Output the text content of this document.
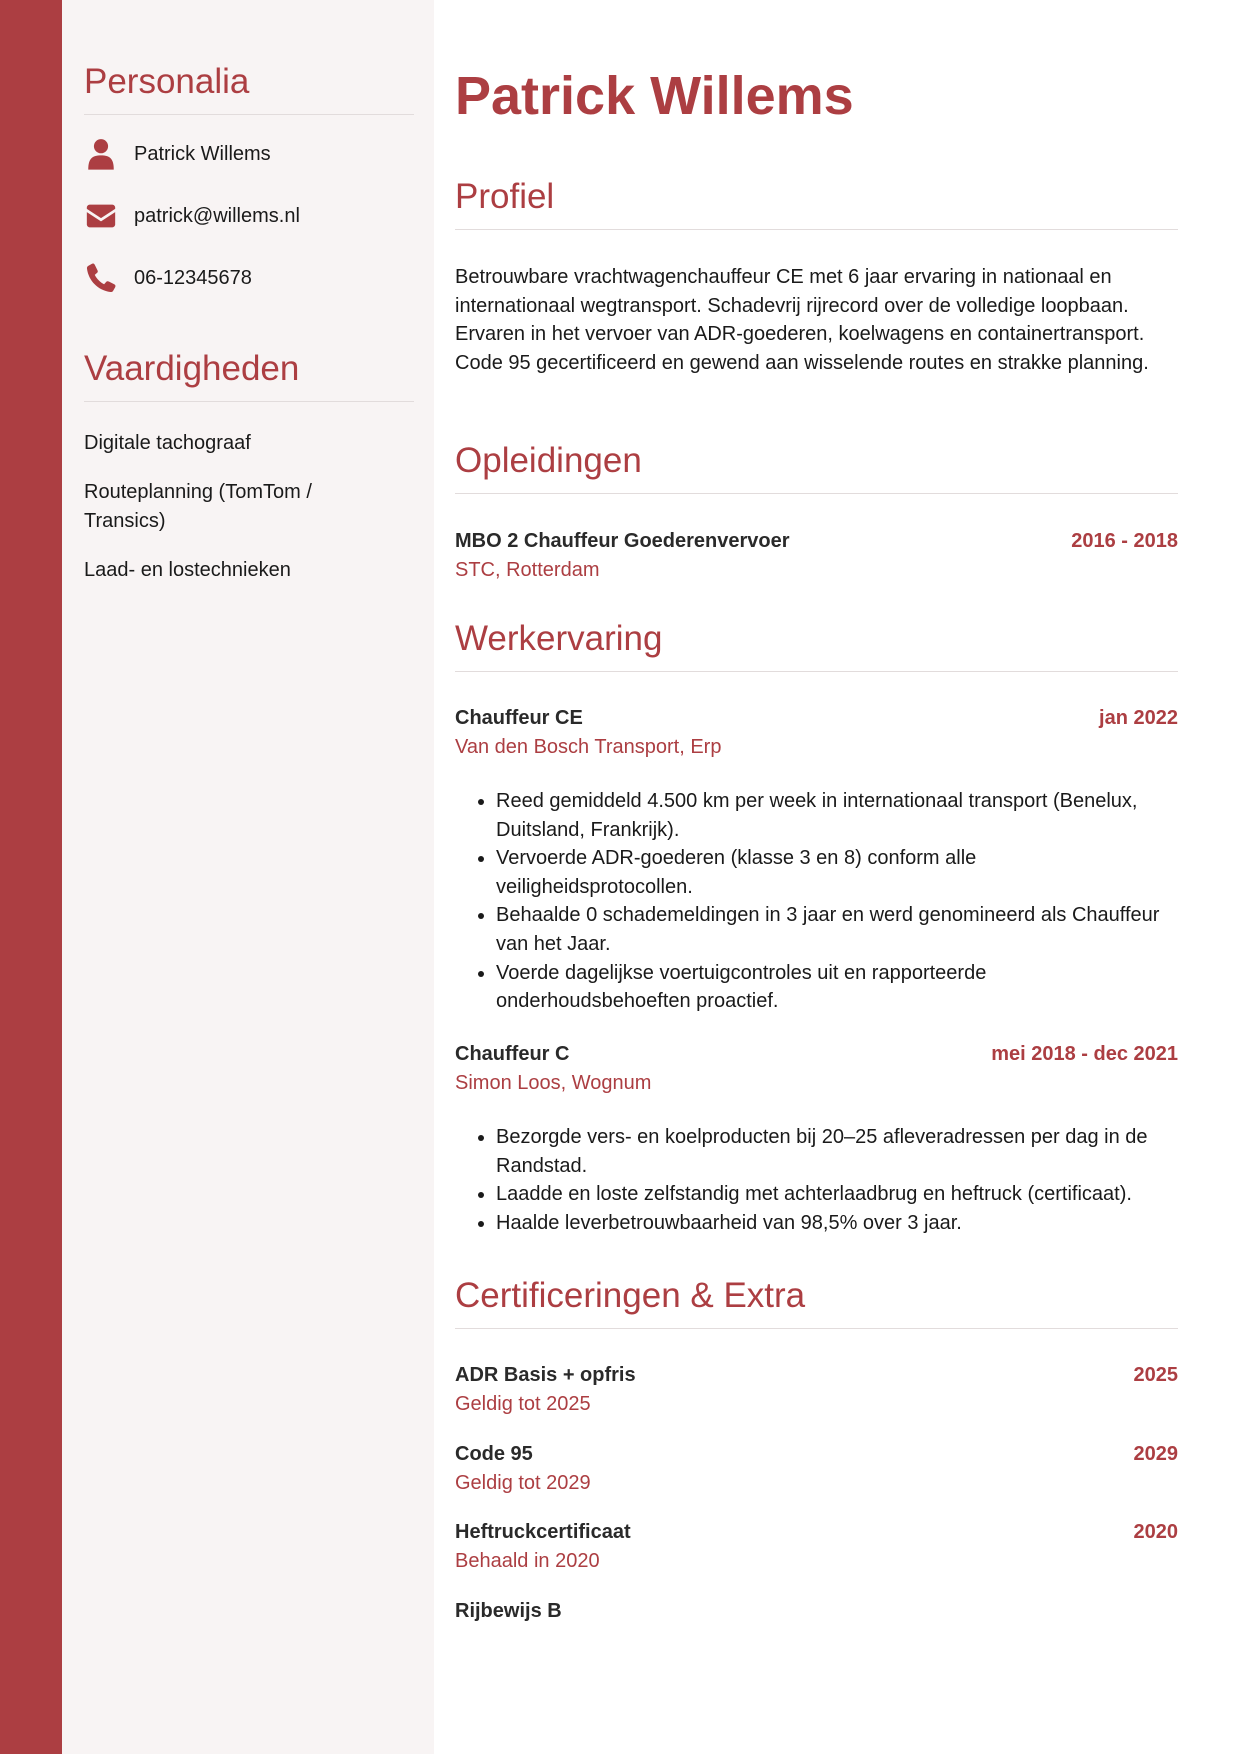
Personalia
Patrick Willems
patrick@willems.nl
06-12345678
Vaardigheden
Digitale tachograaf
Routeplanning (TomTom / Transics)
Laad- en lostechnieken
Patrick Willems
Profiel

Betrouwbare vrachtwagenchauffeur CE met 6 jaar ervaring in nationaal en internationaal wegtransport. Schadevrij rijrecord over de volledige loopbaan. Ervaren in het vervoer van ADR-goederen, koelwagens en containertransport. Code 95 gecertificeerd en gewend aan wisselende routes en strakke planning.

Opleidingen
MBO 2 Chauffeur Goederenvervoer	2016 - 2018
STC, Rotterdam
Werkervaring
Chauffeur CE	jan 2022
Van den Bosch Transport, Erp
• Reed gemiddeld 4.500 km per week in internationaal transport (Benelux, Duitsland, Frankrijk).
• Vervoerde ADR-goederen (klasse 3 en 8) conform alle veiligheidsprotocollen.
• Behaalde 0 schademeldingen in 3 jaar en werd genomineerd als Chauffeur van het Jaar.
• Voerde dagelijkse voertuigcontroles uit en rapporteerde onderhoudsbehoeften proactief.
Chauffeur C	mei 2018 - dec 2021
Simon Loos, Wognum
• Bezorgde vers- en koelproducten bij 20–25 afleveradressen per dag in de Randstad.
• Laadde en loste zelfstandig met achterlaadbrug en heftruck (certificaat).
• Haalde leverbetrouwbaarheid van 98,5% over 3 jaar.
Certificeringen & Extra
ADR Basis + opfris	2025
Geldig tot 2025
Code 95	2029
Geldig tot 2029
Heftruckcertificaat	2020
Behaald in 2020
Rijbewijs B
